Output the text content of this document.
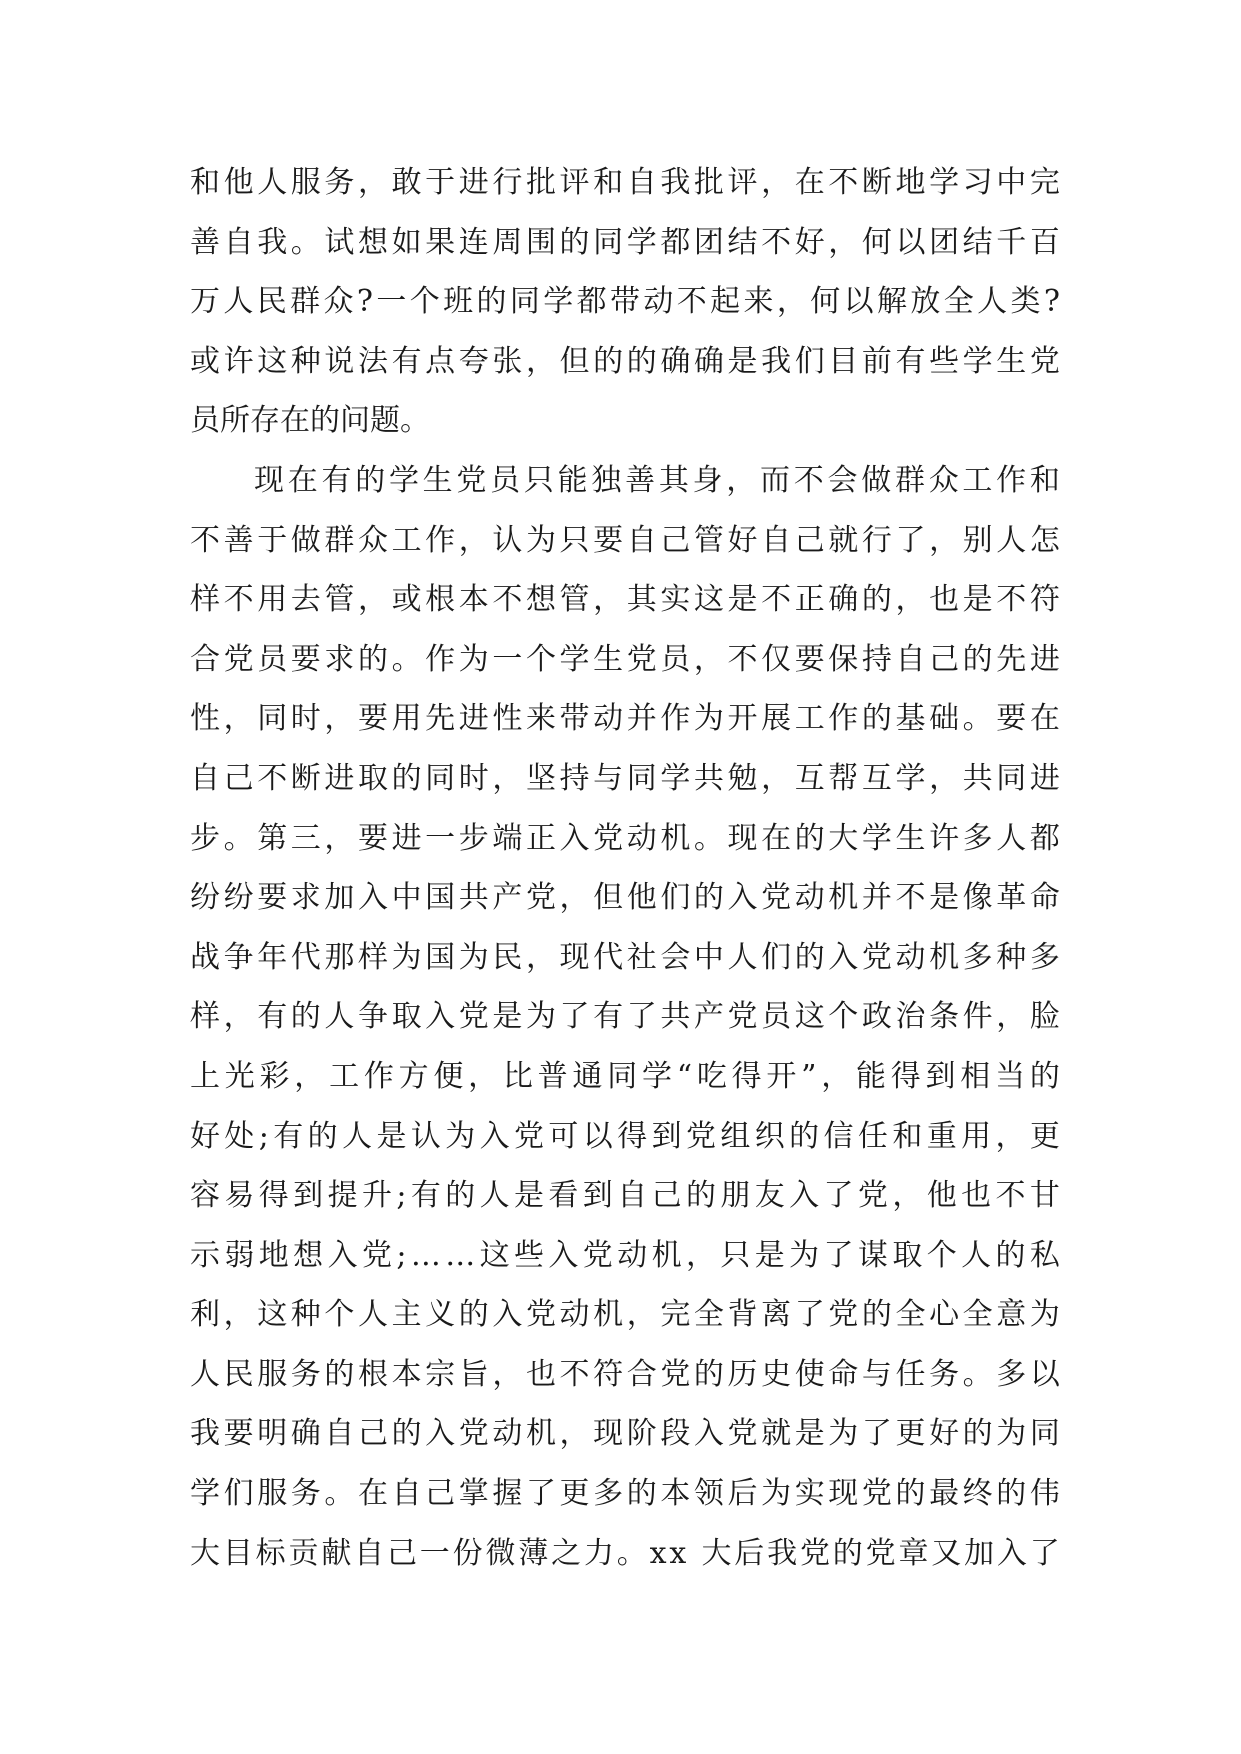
和 他 人 服 务 ， 敢 于 进 行 批 评 和 自 我 批 评 ， 在 不 断 地 学 习 中 完
善 自 我 。 试 想 如 果 连 周 围 的 同 学 都 团 结 不 好 ， 何 以 团 结 千 百
万 人 民 群 众 ? 一 个 班 的 同 学 都 带 动 不 起 来 ， 何 以 解 放 全 人 类 ?
或 许 这 种 说 法 有 点 夸 张 ， 但 的 的 确 确 是 我 们 目 前 有 些 学 生 党
员所存在的问题。
现 在 有 的 学 生 党 员 只 能 独 善 其 身 ， 而 不 会 做 群 众 工 作 和
不 善 于 做 群 众 工 作 ， 认 为 只 要 自 己 管 好 自 己 就 行 了 ， 别 人 怎
样 不 用 去 管 ， 或 根 本 不 想 管 ， 其 实 这 是 不 正 确 的 ， 也 是 不 符
合 党 员 要 求 的 。 作 为 一 个 学 生 党 员 ， 不 仅 要 保 持 自 己 的 先 进
性 ， 同 时 ， 要 用 先 进 性 来 带 动 并 作 为 开 展 工 作 的 基 础 。 要 在
自 己 不 断 进 取 的 同 时 ， 坚 持 与 同 学 共 勉 ， 互 帮 互 学 ， 共 同 进
步 。 第 三 ， 要 进 一 步 端 正 入 党 动 机 。 现 在 的 大 学 生 许 多 人 都
纷 纷 要 求 加 入 中 国 共 产 党 ， 但 他 们 的 入 党 动 机 并 不 是 像 革 命
战 争 年 代 那 样 为 国 为 民 ， 现 代 社 会 中 人 们 的 入 党 动 机 多 种 多
样 ， 有 的 人 争 取 入 党 是 为 了 有 了 共 产 党 员 这 个 政 治 条 件 ， 脸
上 光 彩 ， 工 作 方 便 ， 比 普 通 同 学 “ 吃 得 开 ” ， 能 得 到 相 当 的
好 处 ; 有 的 人 是 认 为 入 党 可 以 得 到 党 组 织 的 信 任 和 重 用 ， 更
容 易 得 到 提 升 ; 有 的 人 是 看 到 自 己 的 朋 友 入 了 党 ， 他 也 不 甘
示 弱 地 想 入 党 ; … … 这 些 入 党 动 机 ， 只 是 为 了 谋 取 个 人 的 私
利 ， 这 种 个 人 主 义 的 入 党 动 机 ， 完 全 背 离 了 党 的 全 心 全 意 为
人 民 服 务 的 根 本 宗 旨 ， 也 不 符 合 党 的 历 史 使 命 与 任 务 。 多 以
我 要 明 确 自 己 的 入 党 动 机 ， 现 阶 段 入 党 就 是 为 了 更 好 的 为 同
学 们 服 务 。 在 自 己 掌 握 了 更 多 的 本 领 后 为 实 现 党 的 最 终 的 伟
大 目 标 贡 献 自 己 一 份 微 薄 之 力 。 x x
大 后 我 党 的 党 章 又 加 入 了
